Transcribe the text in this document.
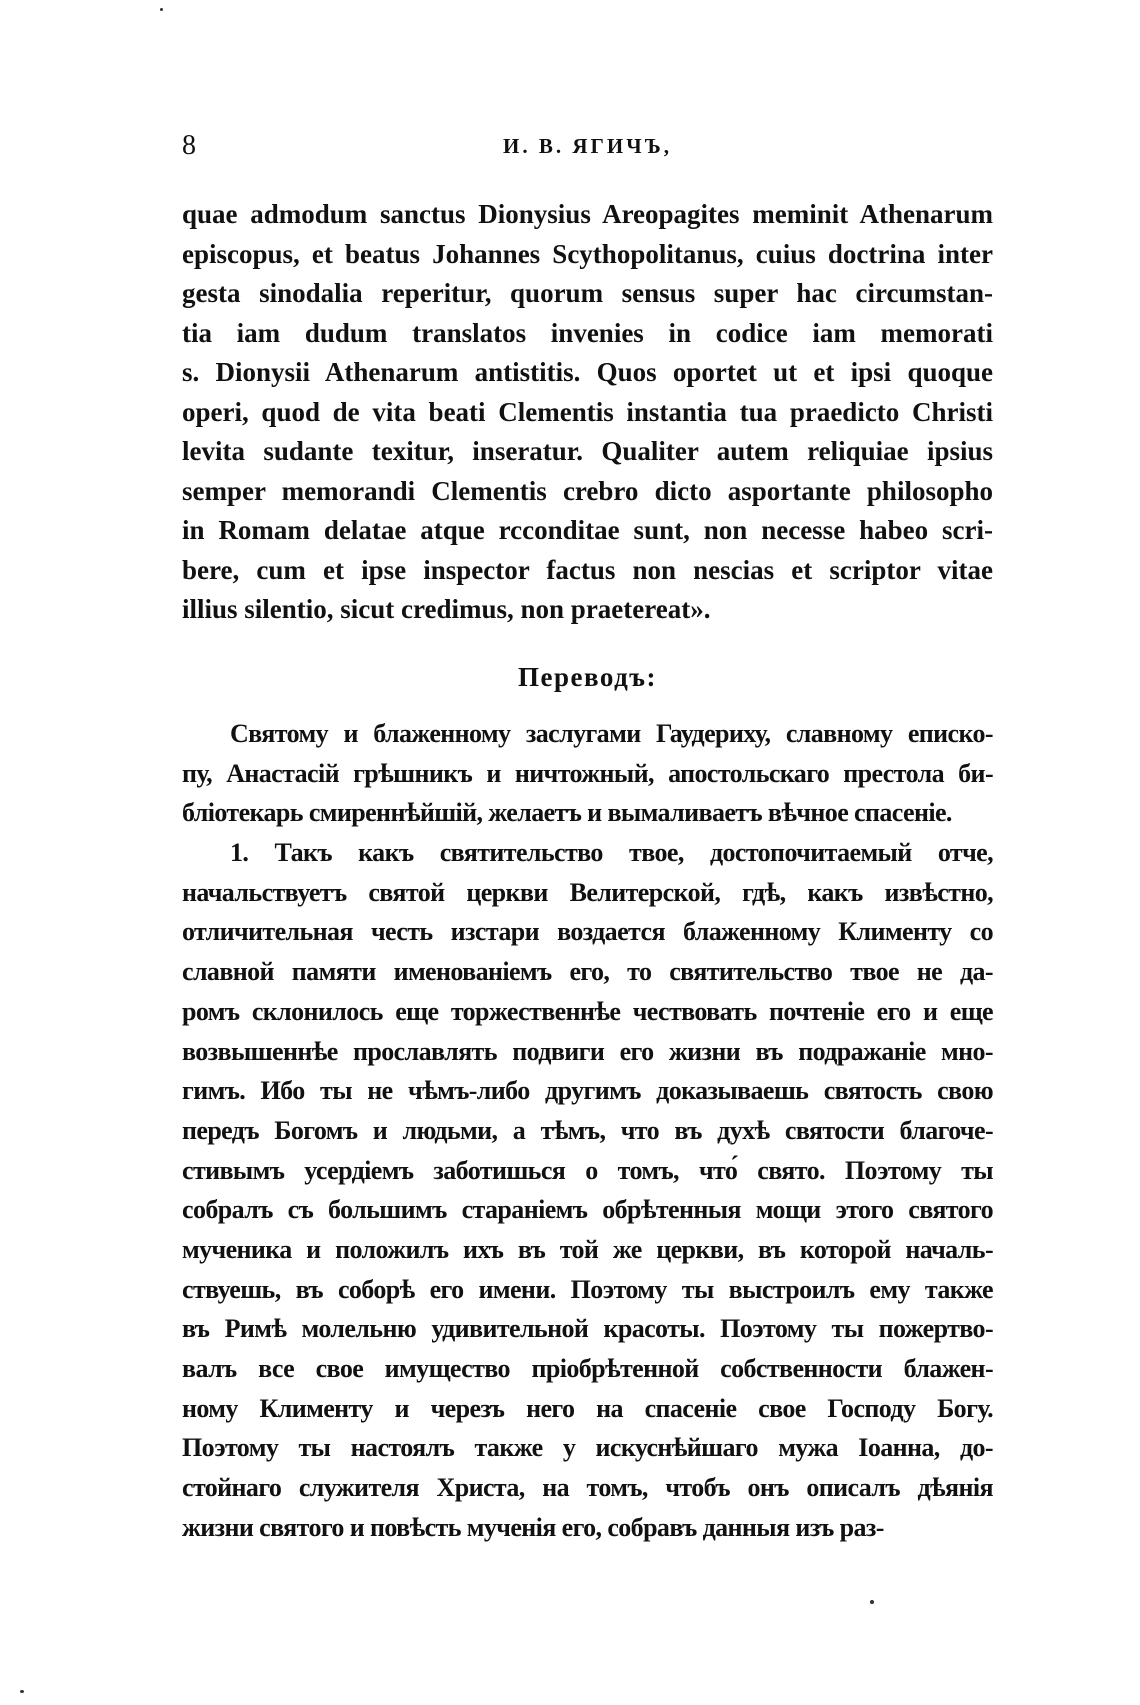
8	И. В. ЯГИЧЪ,
quae admodum sanctus Dionysius Areopagites meminit Athenarum
episcopus, et beatus Johannes Scythopolitanus, cuius doctrina inter
gesta sinodalia reperitur, quorum sensus super hac circumstan-
tia iam dudum translatos invenies in codice iam memorati
s. Dionysii Athenarum antistitis. Quos oportet ut et ipsi quoque
operi, quod de vita beati Clementis instantia tua praedicto Christi
levita sudante texitur, inseratur. Qualiter autem reliquiae ipsius
semper memorandi Clementis crebro dicto asportante philosopho
in Romam delatae atque rcconditae sunt, non necesse habeo scri-
bere, cum et ipse inspector factus non nescias et scriptor vitae
illius silentio, sicut credimus, non praetereat».
Переводъ:
Святому и блаженному заслугами Гаудериху, славному еписко-
пу, Анастасій грѣшникъ и ничтожный, апостольскаго престола би-
бліотекарь смиреннѣйшій, желаетъ и вымаливаетъ вѣчное спасеніе.
1. Такъ какъ святительство твое, достопочитаемый отче,
начальствуетъ святой церкви Велитерской, гдѣ, какъ извѣстно,
отличительная честь изстари воздается блаженному Клименту со
славной памяти именованіемъ его, то святительство твое не да-
ромъ склонилось еще торжественнѣе чествовать почтеніе его и еще
возвышеннѣе прославлять подвиги его жизни въ подражаніе мно-
гимъ. Ибо ты не чѣмъ-либо другимъ доказываешь святость свою
передъ Богомъ и людьми, а тѣмъ, что въ духѣ святости благоче-
стивымъ усердіемъ заботишься о томъ, что́ свято. Поэтому ты
собралъ съ большимъ стараніемъ обрѣтенныя мощи этого святого
мученика и положилъ ихъ въ той же церкви, въ которой началь-
ствуешь, въ соборѣ его имени. Поэтому ты выстроилъ ему также
въ Римѣ молельню удивительной красоты. Поэтому ты пожертво-
валъ все свое имущество пріобрѣтенной собственности блажен-
ному Клименту и черезъ него на спасеніе свое Господу Богу.
Поэтому ты настоялъ также у искуснѣйшаго мужа Іоанна, до-
стойнаго служителя Христа, на томъ, чтобъ онъ описалъ дѣянія
жизни святого и повѣсть мученія его, собравъ данныя изъ раз-
